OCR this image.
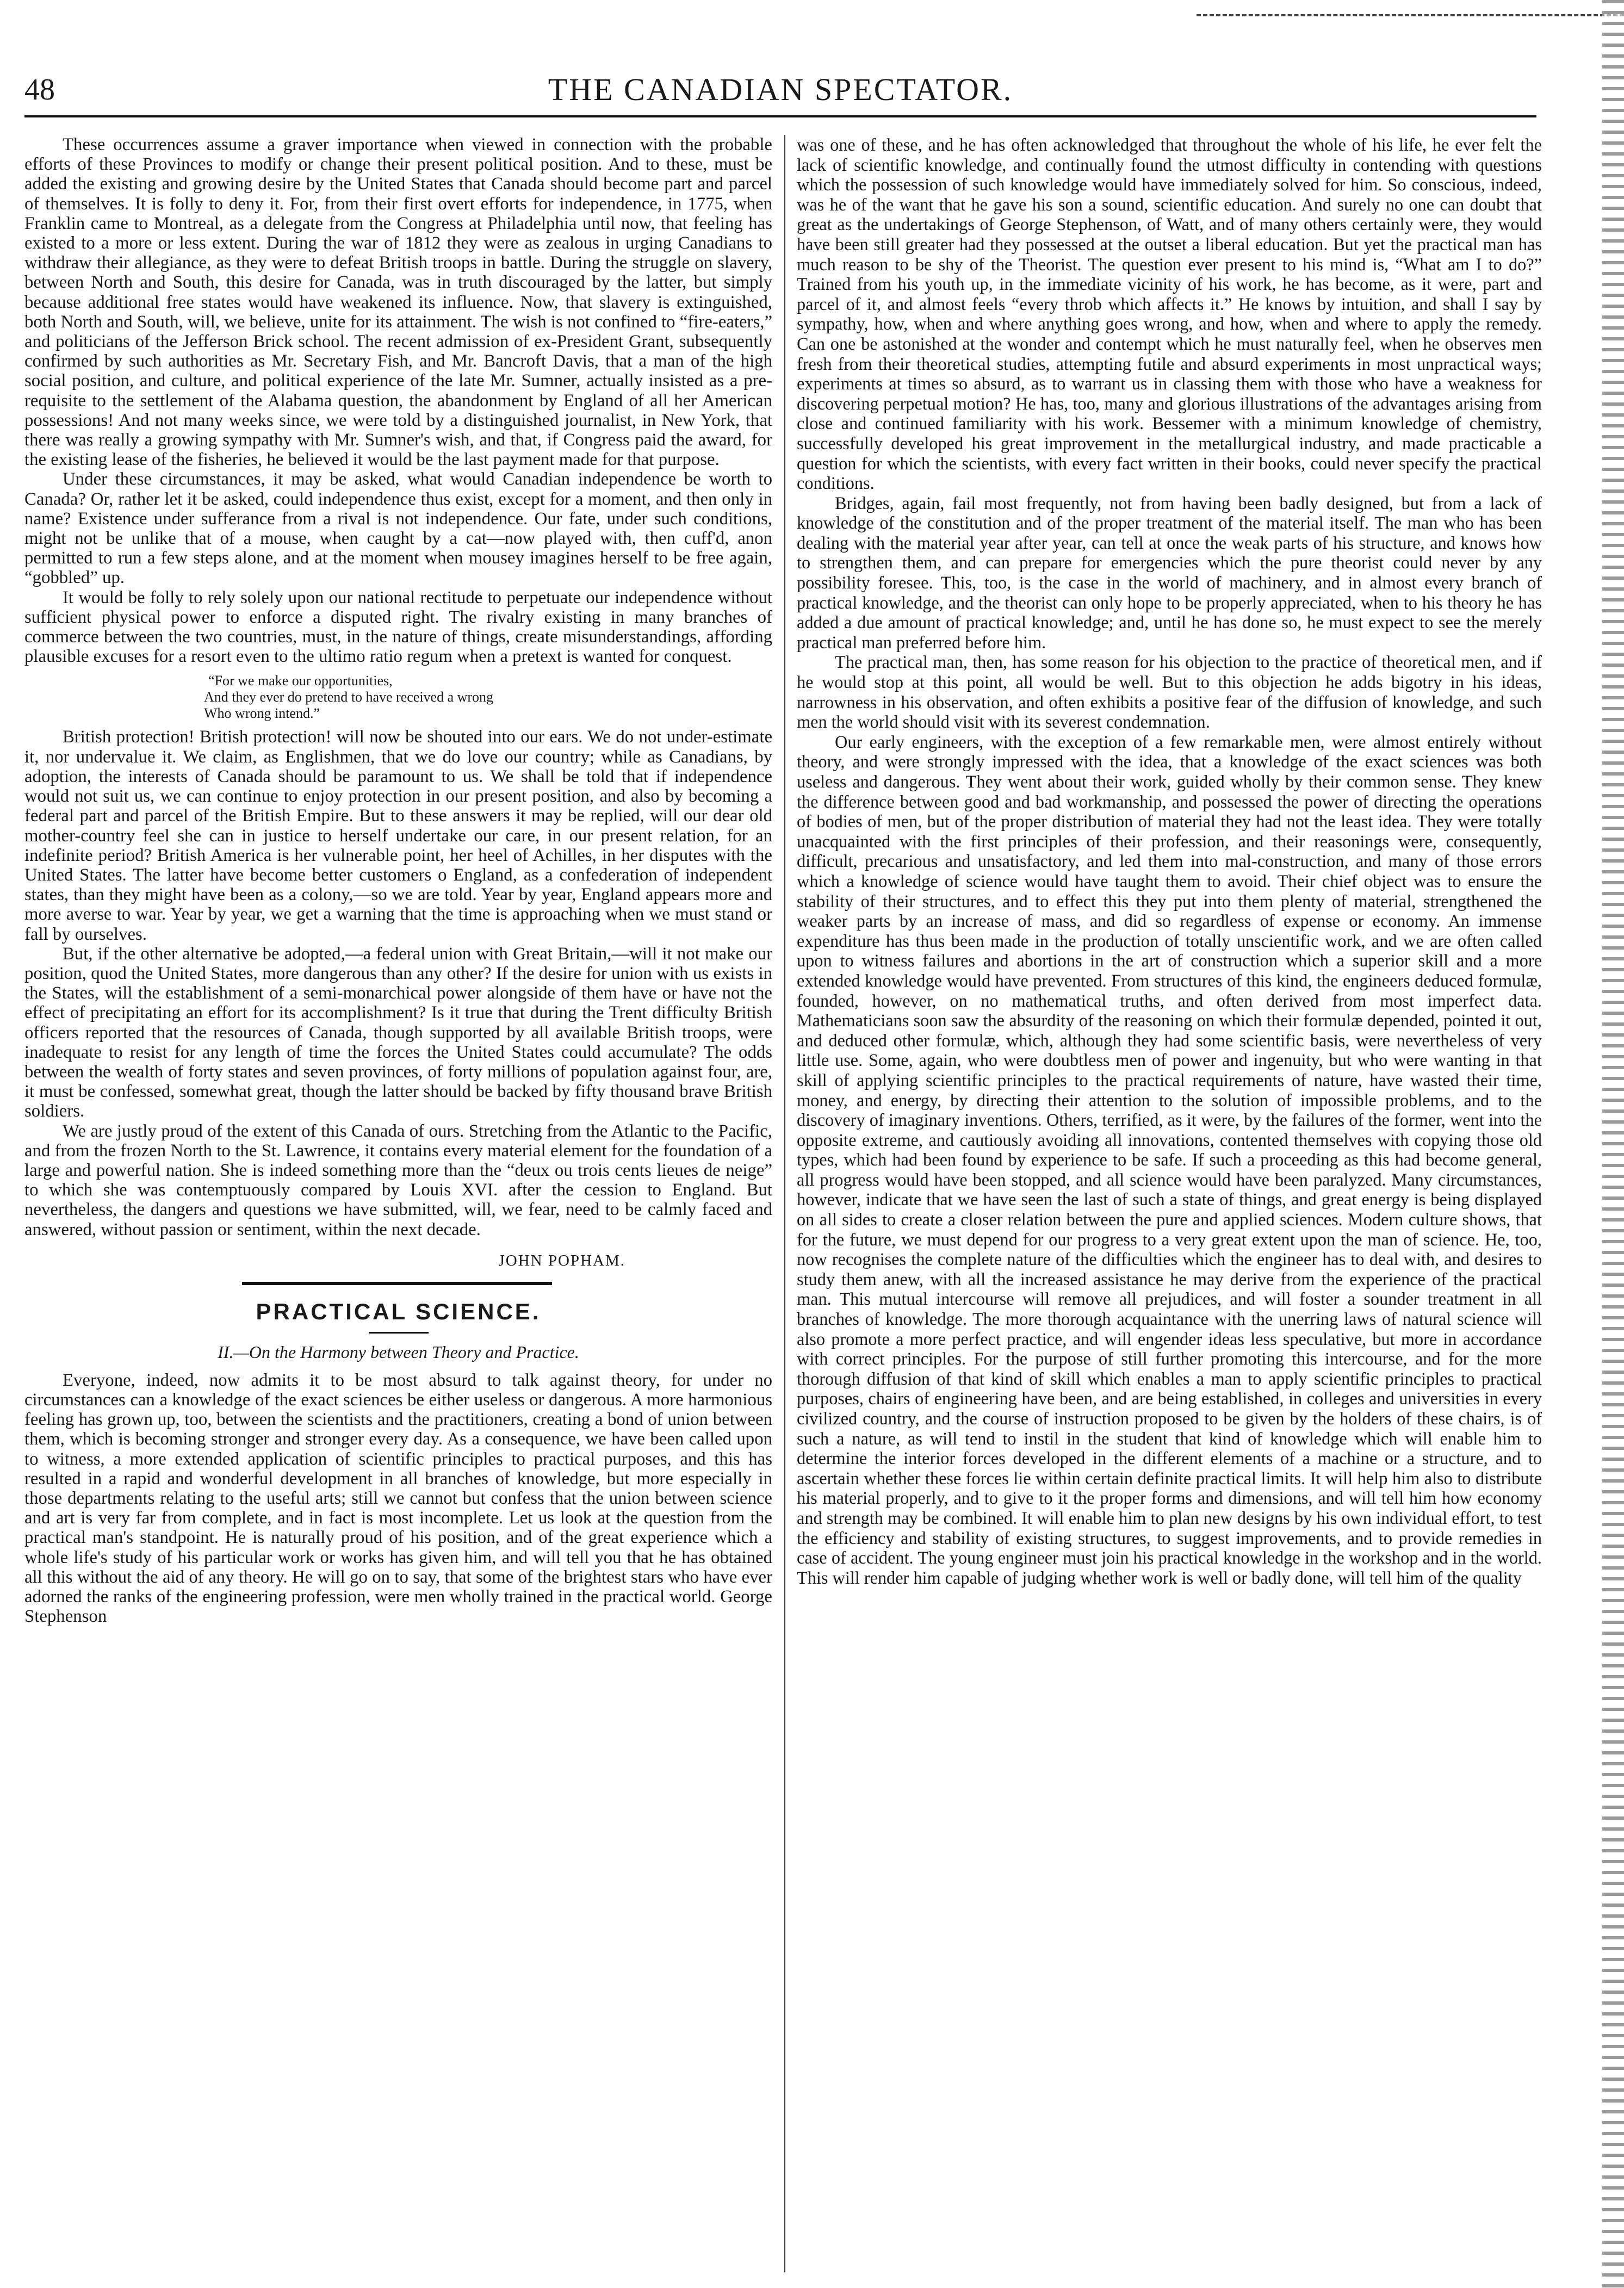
THE CANADIAN SPECTATOR.
48

These occurrences assume a graver importance when viewed in connection with the probable efforts of these Provinces to modify or change their present political position. And to these, must be added the existing and growing desire by the United States that Canada should become part and parcel of themselves. It is folly to deny it. For, from their first overt efforts for independence, in 1775, when Franklin came to Montreal, as a delegate from the Congress at Philadelphia until now, that feeling has existed to a more or less extent. During the war of 1812 they were as zealous in urging Canadians to withdraw their allegiance, as they were to defeat British troops in battle. During the struggle on slavery, between North and South, this desire for Canada, was in truth discouraged by the latter, but simply because additional free states would have weakened its influence. Now, that slavery is extinguished, both North and South, will, we believe, unite for its attainment. The wish is not confined to “fire-eaters,” and politicians of the Jefferson Brick school. The recent admission of ex-President Grant, subsequently confirmed by such authorities as Mr. Secretary Fish, and Mr. Bancroft Davis, that a man of the high social position, and culture, and political experience of the late Mr. Sumner, actually insisted as a pre-requisite to the settlement of the Alabama question, the abandonment by England of all her American possessions! And not many weeks since, we were told by a distinguished journalist, in New York, that there was really a growing sympathy with Mr. Sumner's wish, and that, if Congress paid the award, for the existing lease of the fisheries, he believed it would be the last payment made for that purpose.

Under these circumstances, it may be asked, what would Canadian independence be worth to Canada? Or, rather let it be asked, could independence thus exist, except for a moment, and then only in name? Existence under sufferance from a rival is not independence. Our fate, under such conditions, might not be unlike that of a mouse, when caught by a cat—now played with, then cuff'd, anon permitted to run a few steps alone, and at the moment when mousey imagines herself to be free again, “gobbled” up.

It would be folly to rely solely upon our national rectitude to perpetuate our independence without sufficient physical power to enforce a disputed right. The rivalry existing in many branches of commerce between the two countries, must, in the nature of things, create misunderstandings, affording plausible excuses for a resort even to the ultimo ratio regum when a pretext is wanted for conquest.

“For we make our opportunities,
And they ever do pretend to have received a wrong
Who wrong intend.”

British protection! British protection! will now be shouted into our ears. We do not under-estimate it, nor undervalue it. We claim, as Englishmen, that we do love our country; while as Canadians, by adoption, the interests of Canada should be paramount to us. We shall be told that if independence would not suit us, we can continue to enjoy protection in our present position, and also by becoming a federal part and parcel of the British Empire. But to these answers it may be replied, will our dear old mother-country feel she can in justice to herself undertake our care, in our present relation, for an indefinite period? British America is her vulnerable point, her heel of Achilles, in her disputes with the United States. The latter have become better customers o England, as a confederation of independent states, than they might have been as a colony,—so we are told. Year by year, England appears more and more averse to war. Year by year, we get a warning that the time is approaching when we must stand or fall by ourselves.

But, if the other alternative be adopted,—a federal union with Great Britain,—will it not make our position, quod the United States, more dangerous than any other? If the desire for union with us exists in the States, will the establishment of a semi-monarchical power alongside of them have or have not the effect of precipitating an effort for its accomplishment? Is it true that during the Trent difficulty British officers reported that the resources of Canada, though supported by all available British troops, were inadequate to resist for any length of time the forces the United States could accumulate? The odds between the wealth of forty states and seven provinces, of forty millions of population against four, are, it must be confessed, somewhat great, though the latter should be backed by fifty thousand brave British soldiers.

We are justly proud of the extent of this Canada of ours. Stretching from the Atlantic to the Pacific, and from the frozen North to the St. Lawrence, it contains every material element for the foundation of a large and powerful nation. She is indeed something more than the “deux ou trois cents lieues de neige” to which she was contemptuously compared by Louis XVI. after the cession to England. But nevertheless, the dangers and questions we have submitted, will, we fear, need to be calmly faced and answered, without passion or sentiment, within the next decade.

JOHN POPHAM.
PRACTICAL SCIENCE.
II.—On the Harmony between Theory and Practice.

Everyone, indeed, now admits it to be most absurd to talk against theory, for under no circumstances can a knowledge of the exact sciences be either useless or dangerous. A more harmonious feeling has grown up, too, between the scientists and the practitioners, creating a bond of union between them, which is becoming stronger and stronger every day. As a consequence, we have been called upon to witness, a more extended application of scientific principles to practical purposes, and this has resulted in a rapid and wonderful development in all branches of knowledge, but more especially in those departments relating to the useful arts; still we cannot but confess that the union between science and art is very far from complete, and in fact is most incomplete. Let us look at the question from the practical man's standpoint. He is naturally proud of his position, and of the great experience which a whole life's study of his particular work or works has given him, and will tell you that he has obtained all this without the aid of any theory. He will go on to say, that some of the brightest stars who have ever adorned the ranks of the engineering profession, were men wholly trained in the practical world. George Stephenson

was one of these, and he has often acknowledged that throughout the whole of his life, he ever felt the lack of scientific knowledge, and continually found the utmost difficulty in contending with questions which the possession of such knowledge would have immediately solved for him. So conscious, indeed, was he of the want that he gave his son a sound, scientific education. And surely no one can doubt that great as the undertakings of George Stephenson, of Watt, and of many others certainly were, they would have been still greater had they possessed at the outset a liberal education. But yet the practical man has much reason to be shy of the Theorist. The question ever present to his mind is, “What am I to do?” Trained from his youth up, in the immediate vicinity of his work, he has become, as it were, part and parcel of it, and almost feels “every throb which affects it.” He knows by intuition, and shall I say by sympathy, how, when and where anything goes wrong, and how, when and where to apply the remedy. Can one be astonished at the wonder and contempt which he must naturally feel, when he observes men fresh from their theoretical studies, attempting futile and absurd experiments in most unpractical ways; experiments at times so absurd, as to warrant us in classing them with those who have a weakness for discovering perpetual motion? He has, too, many and glorious illustrations of the advantages arising from close and continued familiarity with his work. Bessemer with a minimum knowledge of chemistry, successfully developed his great improvement in the metallurgical industry, and made practicable a question for which the scientists, with every fact written in their books, could never specify the practical conditions.

Bridges, again, fail most frequently, not from having been badly designed, but from a lack of knowledge of the constitution and of the proper treatment of the material itself. The man who has been dealing with the material year after year, can tell at once the weak parts of his structure, and knows how to strengthen them, and can prepare for emergencies which the pure theorist could never by any possibility foresee. This, too, is the case in the world of machinery, and in almost every branch of practical knowledge, and the theorist can only hope to be properly appreciated, when to his theory he has added a due amount of practical knowledge; and, until he has done so, he must expect to see the merely practical man preferred before him.

The practical man, then, has some reason for his objection to the practice of theoretical men, and if he would stop at this point, all would be well. But to this objection he adds bigotry in his ideas, narrowness in his observation, and often exhibits a positive fear of the diffusion of knowledge, and such men the world should visit with its severest condemnation.

Our early engineers, with the exception of a few remarkable men, were almost entirely without theory, and were strongly impressed with the idea, that a knowledge of the exact sciences was both useless and dangerous. They went about their work, guided wholly by their common sense. They knew the difference between good and bad workmanship, and possessed the power of directing the operations of bodies of men, but of the proper distribution of material they had not the least idea. They were totally unacquainted with the first principles of their profession, and their reasonings were, consequently, difficult, precarious and unsatisfactory, and led them into mal-construction, and many of those errors which a knowledge of science would have taught them to avoid. Their chief object was to ensure the stability of their structures, and to effect this they put into them plenty of material, strengthened the weaker parts by an increase of mass, and did so regardless of expense or economy. An immense expenditure has thus been made in the production of totally unscientific work, and we are often called upon to witness failures and abortions in the art of construction which a superior skill and a more extended knowledge would have prevented. From structures of this kind, the engineers deduced formulæ, founded, however, on no mathematical truths, and often derived from most imperfect data. Mathematicians soon saw the absurdity of the reasoning on which their formulæ depended, pointed it out, and deduced other formulæ, which, although they had some scientific basis, were nevertheless of very little use. Some, again, who were doubtless men of power and ingenuity, but who were wanting in that skill of applying scientific principles to the practical requirements of nature, have wasted their time, money, and energy, by directing their attention to the solution of impossible problems, and to the discovery of imaginary inventions. Others, terrified, as it were, by the failures of the former, went into the opposite extreme, and cautiously avoiding all innovations, contented themselves with copying those old types, which had been found by experience to be safe. If such a proceeding as this had become general, all progress would have been stopped, and all science would have been paralyzed. Many circumstances, however, indicate that we have seen the last of such a state of things, and great energy is being displayed on all sides to create a closer relation between the pure and applied sciences. Modern culture shows, that for the future, we must depend for our progress to a very great extent upon the man of science. He, too, now recognises the complete nature of the difficulties which the engineer has to deal with, and desires to study them anew, with all the increased assistance he may derive from the experience of the practical man. This mutual intercourse will remove all prejudices, and will foster a sounder treatment in all branches of knowledge. The more thorough acquaintance with the unerring laws of natural science will also promote a more perfect practice, and will engender ideas less speculative, but more in accordance with correct principles. For the purpose of still further promoting this intercourse, and for the more thorough diffusion of that kind of skill which enables a man to apply scientific principles to practical purposes, chairs of engineering have been, and are being established, in colleges and universities in every civilized country, and the course of instruction proposed to be given by the holders of these chairs, is of such a nature, as will tend to instil in the student that kind of knowledge which will enable him to determine the interior forces developed in the different elements of a machine or a structure, and to ascertain whether these forces lie within certain definite practical limits. It will help him also to distribute his material properly, and to give to it the proper forms and dimensions, and will tell him how economy and strength may be combined. It will enable him to plan new designs by his own individual effort, to test the efficiency and stability of existing structures, to suggest improvements, and to provide remedies in case of accident. The young engineer must join his practical knowledge in the workshop and in the world. This will render him capable of judging whether work is well or badly done, will tell him of the quality
